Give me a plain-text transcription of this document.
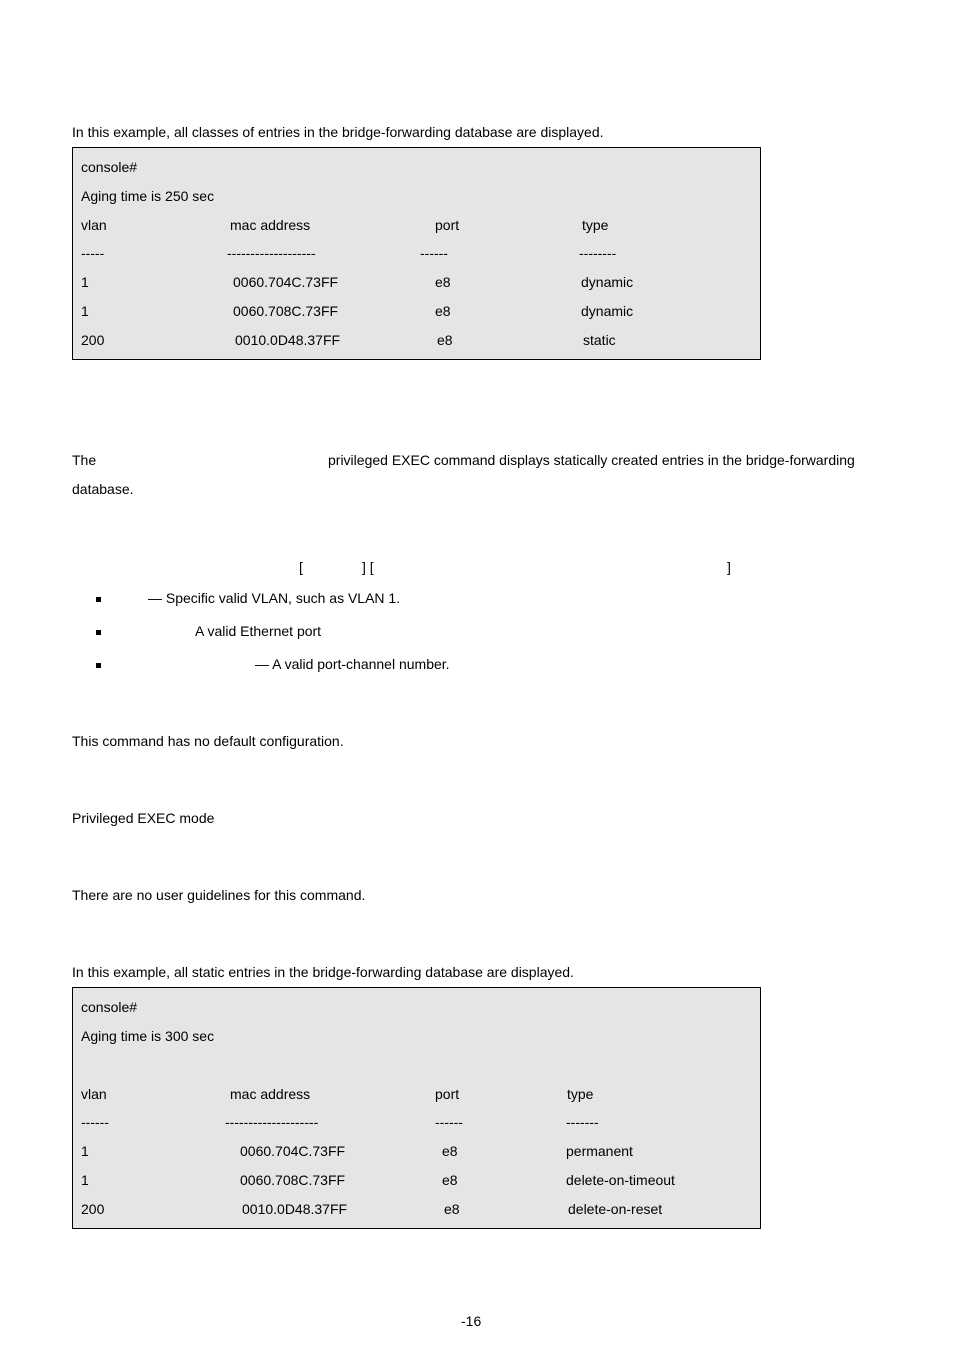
In this example, all classes of entries in the bridge-forwarding database are displayed.
console#
Aging time is 250 sec
vlan	mac address	port	type
-----	-------------------	------	--------
1	0060.704C.73FF	e8	dynamic
1	0060.708C.73FF	e8	dynamic
200	0010.0D48.37FF	e8	static
The	privileged EXEC command displays statically created entries in the bridge-forwarding
database.
[	] [	]
— Specific valid VLAN, such as VLAN 1.
A valid Ethernet port
— A valid port-channel number.
This command has no default configuration.
Privileged EXEC mode
There are no user guidelines for this command.
In this example, all static entries in the bridge-forwarding database are displayed.
console#
Aging time is 300 sec
vlan	mac address	port	type
------	--------------------	------	-------
1	0060.704C.73FF	e8	permanent
1	0060.708C.73FF	e8	delete-on-timeout
200	0010.0D48.37FF	e8	delete-on-reset
-16
